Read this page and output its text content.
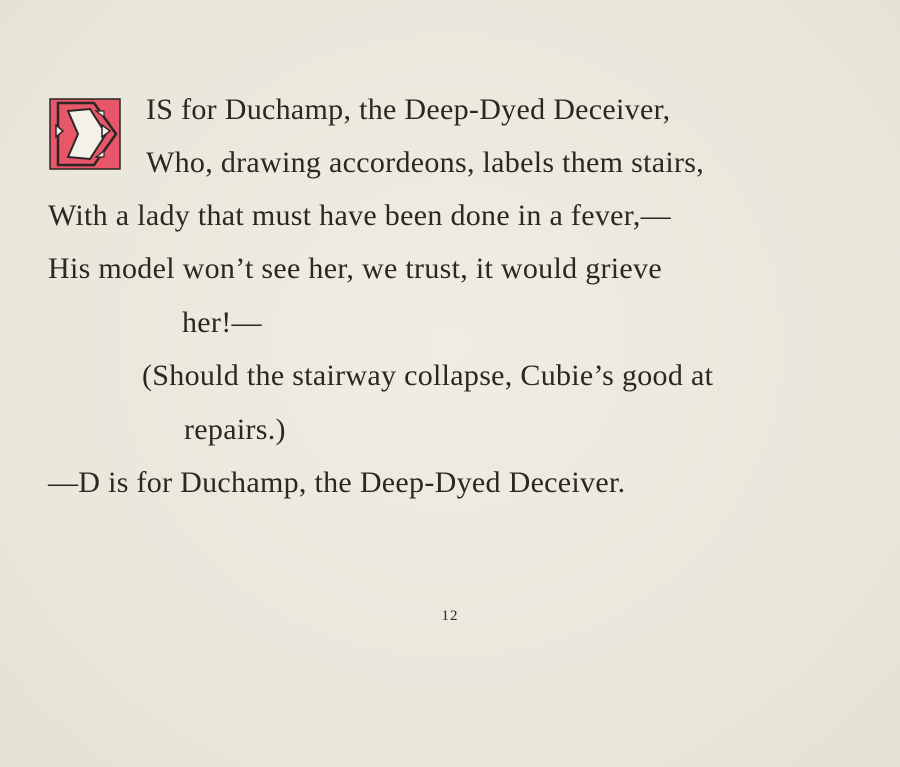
IS for Duchamp, the Deep-Dyed Deceiver,
Who, drawing accordeons, labels them stairs,
With a lady that must have been done in a fever,—
His model won’t see her, we trust, it would grieve
her!—
(Should the stairway collapse, Cubie’s good at
repairs.)
—D is for Duchamp, the Deep-Dyed Deceiver.
12
